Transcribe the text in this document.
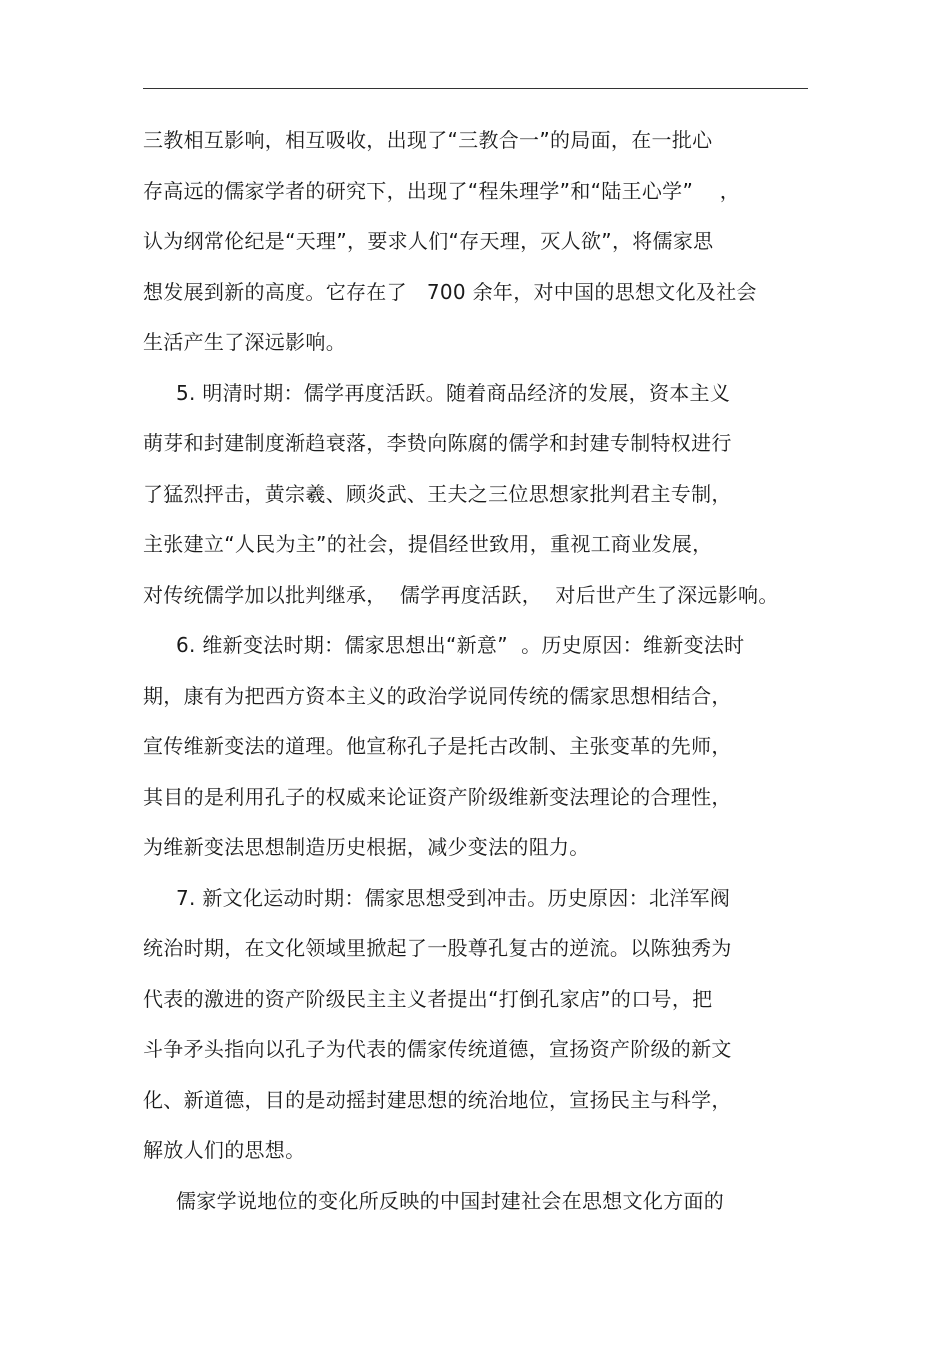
三教相互影响，相互吸收，出现了“三教合一”的局面，在一批心
存高远的儒家学者的研究下，出现了“程朱理学”和“陆王心学”    ，
认为纲常伦纪是“天理”，要求人们“存天理，灭人欲”，将儒家思
想发展到新的高度。它存在了   700 余年，对中国的思想文化及社会
生活产生了深远影响。
5. 明清时期：儒学再度活跃。随着商品经济的发展，资本主义
萌芽和封建制度渐趋衰落，李贽向陈腐的儒学和封建专制特权进行
了猛烈抨击，黄宗羲、顾炎武、王夫之三位思想家批判君主专制，
主张建立“人民为主”的社会，提倡经世致用，重视工商业发展，
对传统儒学加以批判继承，  儒学再度活跃，  对后世产生了深远影响。
6. 维新变法时期：儒家思想出“新意”  。历史原因：维新变法时
期，康有为把西方资本主义的政治学说同传统的儒家思想相结合，
宣传维新变法的道理。他宣称孔子是托古改制、主张变革的先师，
其目的是利用孔子的权威来论证资产阶级维新变法理论的合理性，
为维新变法思想制造历史根据，减少变法的阻力。
7. 新文化运动时期：儒家思想受到冲击。历史原因：北洋军阀
统治时期，在文化领域里掀起了一股尊孔复古的逆流。以陈独秀为
代表的激进的资产阶级民主主义者提出“打倒孔家店”的口号，把
斗争矛头指向以孔子为代表的儒家传统道德，宣扬资产阶级的新文
化、新道德，目的是动摇封建思想的统治地位，宣扬民主与科学，
解放人们的思想。
儒家学说地位的变化所反映的中国封建社会在思想文化方面的
